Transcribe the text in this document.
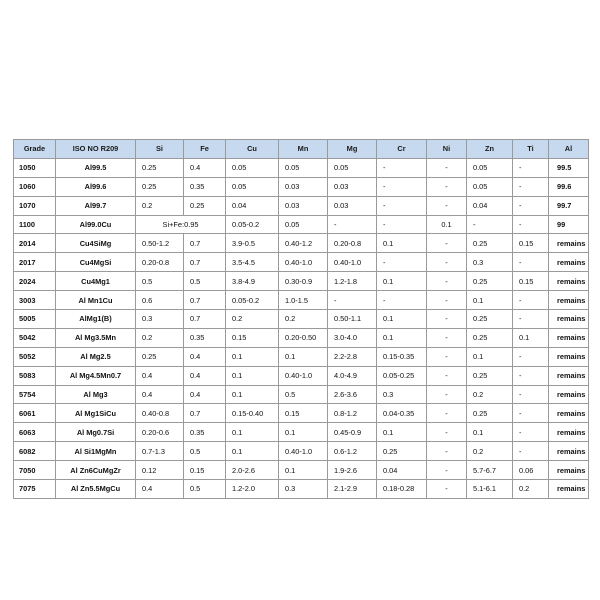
Grade	ISO NO R209	Si	Fe	Cu	Mn	Mg	Cr	Ni	Zn	Ti	Al
1050	Al99.5	0.25	0.4	0.05	0.05	0.05	-	-	0.05	-	99.5
1060	Al99.6	0.25	0.35	0.05	0.03	0.03	-	-	0.05	-	99.6
1070	Al99.7	0.2	0.25	0.04	0.03	0.03	-	-	0.04	-	99.7
1100	Al99.0Cu	Si+Fe:0.95		0.05-0.2	0.05	-	-	0.1	-	-	99
2014	Cu4SiMg	0.50-1.2	0.7	3.9-0.5	0.40-1.2	0.20-0.8	0.1	-	0.25	0.15	remains
2017	Cu4MgSi	0.20-0.8	0.7	3.5-4.5	0.40-1.0	0.40-1.0	-	-	0.3	-	remains
2024	Cu4Mg1	0.5	0.5	3.8-4.9	0.30-0.9	1.2-1.8	0.1	-	0.25	0.15	remains
3003	Al Mn1Cu	0.6	0.7	0.05-0.2	1.0-1.5	-	-	-	0.1	-	remains
5005	AlMg1(B)	0.3	0.7	0.2	0.2	0.50-1.1	0.1	-	0.25	-	remains
5042	Al Mg3.5Mn	0.2	0.35	0.15	0.20-0.50	3.0-4.0	0.1	-	0.25	0.1	remains
5052	Al Mg2.5	0.25	0.4	0.1	0.1	2.2-2.8	0.15-0.35	-	0.1	-	remains
5083	Al Mg4.5Mn0.7	0.4	0.4	0.1	0.40-1.0	4.0-4.9	0.05-0.25	-	0.25	-	remains
5754	Al Mg3	0.4	0.4	0.1	0.5	2.6-3.6	0.3	-	0.2	-	remains
6061	Al Mg1SiCu	0.40-0.8	0.7	0.15-0.40	0.15	0.8-1.2	0.04-0.35	-	0.25	-	remains
6063	Al Mg0.7Si	0.20-0.6	0.35	0.1	0.1	0.45-0.9	0.1	-	0.1	-	remains
6082	Al Si1MgMn	0.7-1.3	0.5	0.1	0.40-1.0	0.6-1.2	0.25	-	0.2	-	remains
7050	Al Zn6CuMgZr	0.12	0.15	2.0-2.6	0.1	1.9-2.6	0.04	-	5.7-6.7	0.06	remains
7075	Al Zn5.5MgCu	0.4	0.5	1.2-2.0	0.3	2.1-2.9	0.18-0.28	-	5.1-6.1	0.2	remains
